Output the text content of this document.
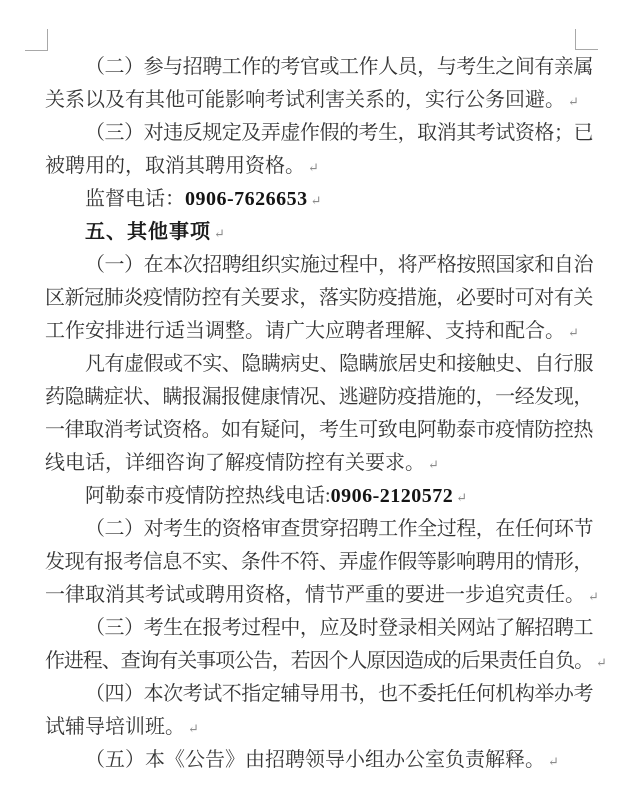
（二）参与招聘工作的考官或工作人员，与考生之间有亲属
关系以及有其他可能影响考试利害关系的，实行公务回避。 ↵
（三）对违反规定及弄虚作假的考生，取消其考试资格；已
被聘用的，取消其聘用资格。 ↵
监督电话：0906-7626653 ↵
五、其他事项 ↵
（一）在本次招聘组织实施过程中，将严格按照国家和自治
区新冠肺炎疫情防控有关要求，落实防疫措施，必要时可对有关
工作安排进行适当调整。请广大应聘者理解、支持和配合。 ↵
凡有虚假或不实、隐瞒病史、隐瞒旅居史和接触史、自行服
药隐瞒症状、瞒报漏报健康情况、逃避防疫措施的，一经发现，
一律取消考试资格。如有疑问，考生可致电阿勒泰市疫情防控热
线电话，详细咨询了解疫情防控有关要求。 ↵
阿勒泰市疫情防控热线电话:0906-2120572 ↵
（二）对考生的资格审查贯穿招聘工作全过程，在任何环节
发现有报考信息不实、条件不符、弄虚作假等影响聘用的情形，
一律取消其考试或聘用资格，情节严重的要进一步追究责任。 ↵
（三）考生在报考过程中，应及时登录相关网站了解招聘工
作进程、查询有关事项公告，若因个人原因造成的后果责任自负。 ↵
（四）本次考试不指定辅导用书，也不委托任何机构举办考
试辅导培训班。 ↵
（五）本《公告》由招聘领导小组办公室负责解释。 ↵
